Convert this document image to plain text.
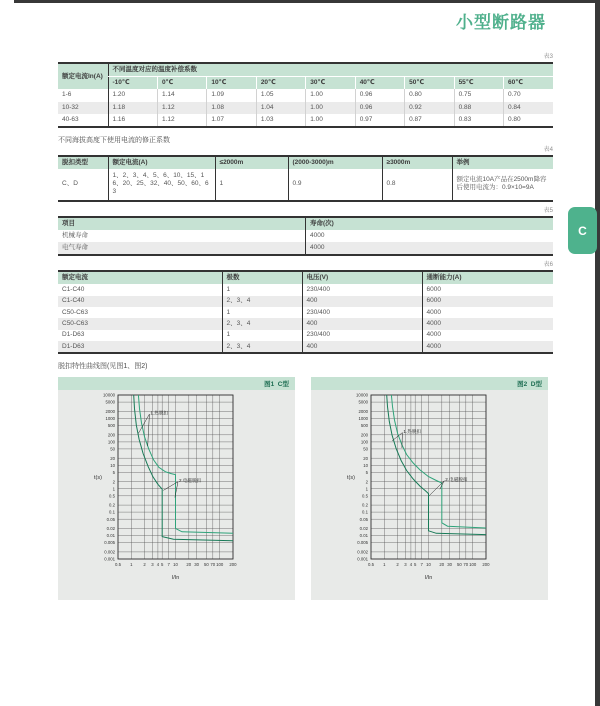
小型断路器
C
表3
额定电流In(A)	不同温度对应的温度补偿系数								
	-10℃	0℃	10℃	20℃	30℃	40℃	50℃	55℃	60℃
1-6	1.20	1.14	1.09	1.05	1.00	0.96	0.80	0.75	0.70
10-32	1.18	1.12	1.08	1.04	1.00	0.96	0.92	0.88	0.84
40-63	1.16	1.12	1.07	1.03	1.00	0.97	0.87	0.83	0.80
不同海拔高度下使用电流的修正系数
表4
脱扣类型	额定电流(A)	≤2000m	(2000-3000)m	≥3000m	举例
C、D	1、2、3、4、5、6、10、15、16、20、25、32、40、50、60、63	1	0.9	0.8	额定电流10A产品在2500m降容后使用电流为：0.9×10=9A
表5
项目	寿命(次)
机械寿命	4000
电气寿命	4000
表6
额定电流	极数	电压(V)	通断能力(A)
C1-C40	1	230/400	6000
C1-C40	2、3、4	400	6000
C50-C63	1	230/400	4000
C50-C63	2、3、4	400	4000
D1-D63	1	230/400	4000
D1-D63	2、3、4	400	4000
脱扣特性曲线图(见图1、图2)
图1  C型
0.5 1	2 3 4 5 7 10 20 30 50 70 100 200
10000
5000
2000
1000
500
200
100
50
20
10
5
2
1
0.5
0.2
0.1
0.05
0.02
0.01
0.005
0.002
0.001
1.热脱扣
2.电磁脱扣
I/In
t(s)
图2  D型
0.5 1	2 3 4 5 7 10 20 30 50 70 100 200
10000
5000
2000
1000
500
200
100
50
20
10
5
2
1
0.5
0.2
0.1
0.05
0.02
0.01
0.005
0.002
0.001
1.热脱扣
2.电磁脱扣
I/In
t(s)
